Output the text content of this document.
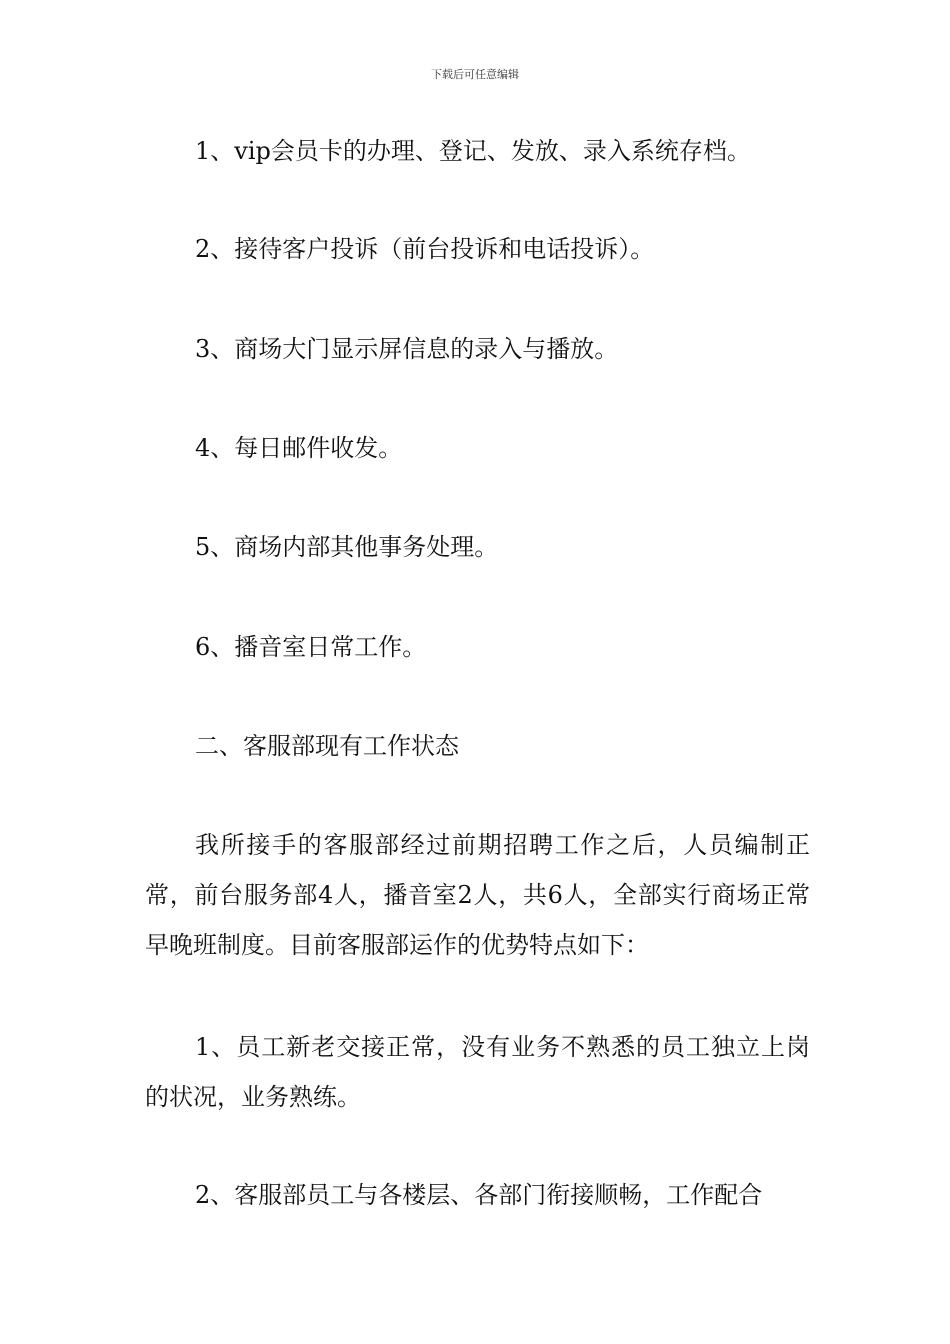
下载后可任意编辑
1、vip会员卡的办理、登记、发放、录入系统存档。
2、接待客户投诉（前台投诉和电话投诉）。
3、商场大门显示屏信息的录入与播放。
4、每日邮件收发。
5、商场内部其他事务处理。
6、播音室日常工作。
二、客服部现有工作状态

我所接手的客服部经过前期招聘工作之后，人员编制正常，前台服务部4人，播音室2人，共6人，全部实行商场正常早晚班制度。目前客服部运作的优势特点如下：

1、员工新老交接正常，没有业务不熟悉的员工独立上岗的状况，业务熟练。

2、客服部员工与各楼层、各部门衔接顺畅，工作配合
